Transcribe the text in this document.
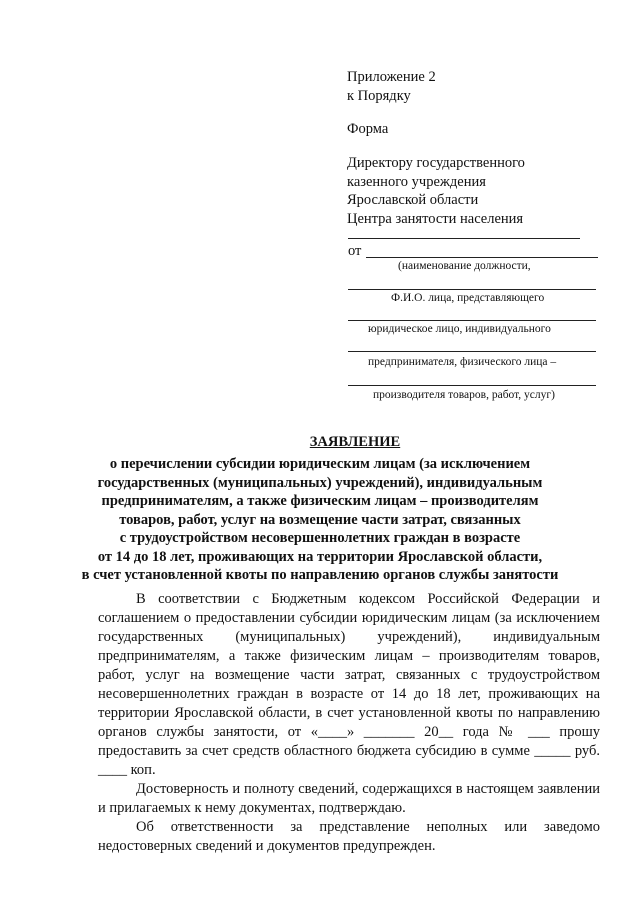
Приложение 2
к Порядку
Форма
Директору государственного
казенного учреждения
Ярославской области
Центра занятости населения
от
(наименование должности,
Ф.И.О. лица, представляющего
юридическое лицо, индивидуального
предпринимателя, физического лица –
производителя товаров, работ, услуг)
ЗАЯВЛЕНИЕ
о перечислении субсидии юридическим лицам (за исключением
государственных (муниципальных) учреждений), индивидуальным
предпринимателям, а также физическим лицам – производителям
товаров, работ, услуг на возмещение части затрат, связанных
с трудоустройством несовершеннолетних граждан в возрасте
от 14 до 18 лет, проживающих на территории Ярославской области,
в счет установленной квоты по направлению органов службы занятости

В соответствии с Бюджетным кодексом Российской Федерации и соглашением о предоставлении субсидии юридическим лицам (за исключением государственных (муниципальных) учреждений), индивидуальным предпринимателям, а также физическим лицам – производителям товаров, работ, услуг на возмещение части затрат, связанных с трудоустройством несовершеннолетних граждан в возрасте от 14 до 18 лет, проживающих на территории Ярославской области, в счет установленной квоты по направлению органов службы занятости, от «____» _______ 20__ года № ___ прошу предоставить за счет средств областного бюджета субсидию в сумме _____ руб. ____ коп.

Достоверность и полноту сведений, содержащихся в настоящем заявлении и прилагаемых к нему документах, подтверждаю.

Об ответственности за представление неполных или заведомо недостоверных сведений и документов предупрежден.
